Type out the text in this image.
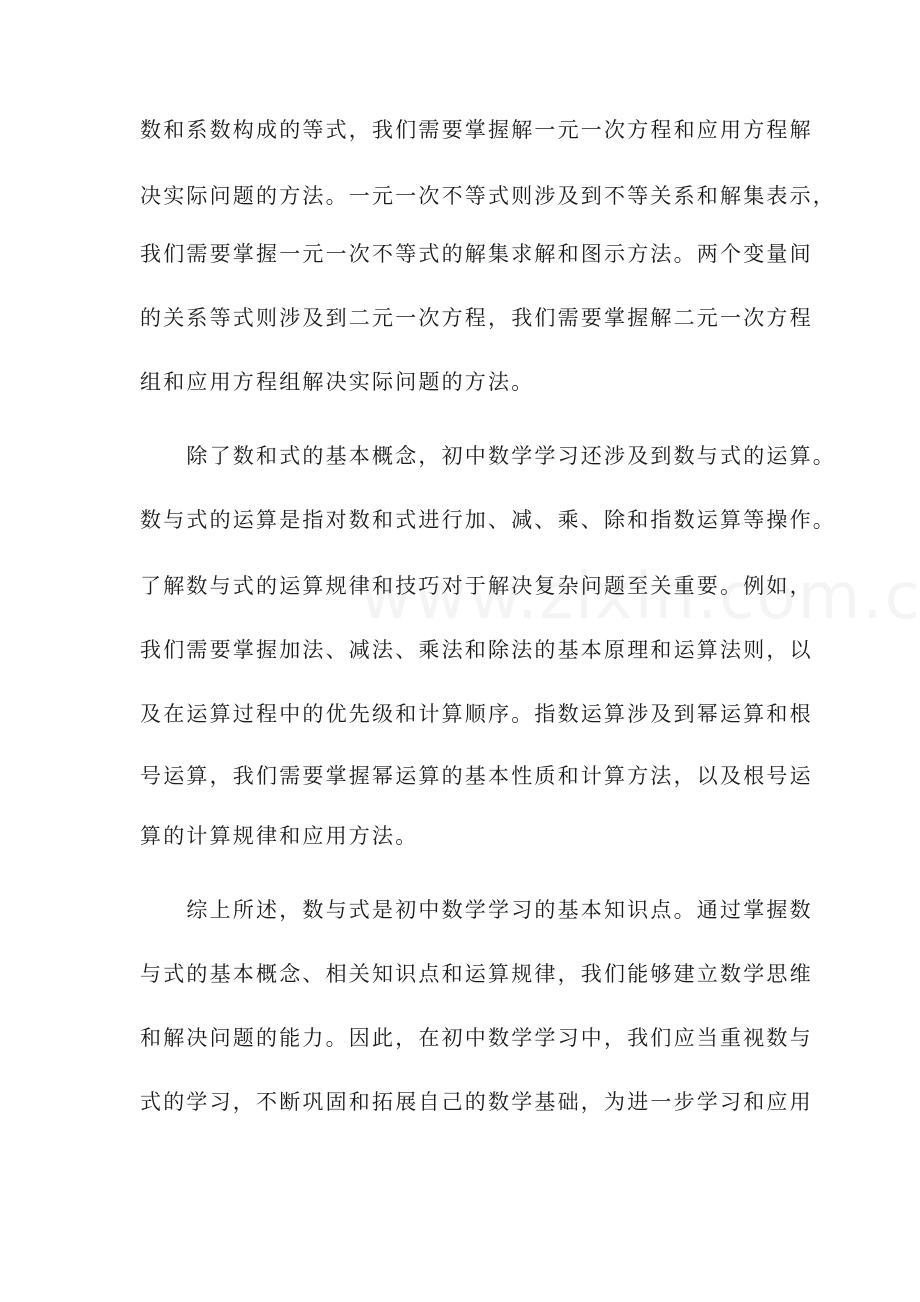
数和系数构成的等式，我们需要掌握解一元一次方程和应用方程解
决实际问题的方法。一元一次不等式则涉及到不等关系和解集表示，
我们需要掌握一元一次不等式的解集求解和图示方法。两个变量间
的关系等式则涉及到二元一次方程，我们需要掌握解二元一次方程
组和应用方程组解决实际问题的方法。
　　除了数和式的基本概念，初中数学学习还涉及到数与式的运算。
数与式的运算是指对数和式进行加、减、乘、除和指数运算等操作。
了解数与式的运算规律和技巧对于解决复杂问题至关重要。例如，
我们需要掌握加法、减法、乘法和除法的基本原理和运算法则，以
及在运算过程中的优先级和计算顺序。指数运算涉及到幂运算和根
号运算，我们需要掌握幂运算的基本性质和计算方法，以及根号运
算的计算规律和应用方法。
　　综上所述，数与式是初中数学学习的基本知识点。通过掌握数
与式的基本概念、相关知识点和运算规律，我们能够建立数学思维
和解决问题的能力。因此，在初中数学学习中，我们应当重视数与
式的学习，不断巩固和拓展自己的数学基础，为进一步学习和应用
